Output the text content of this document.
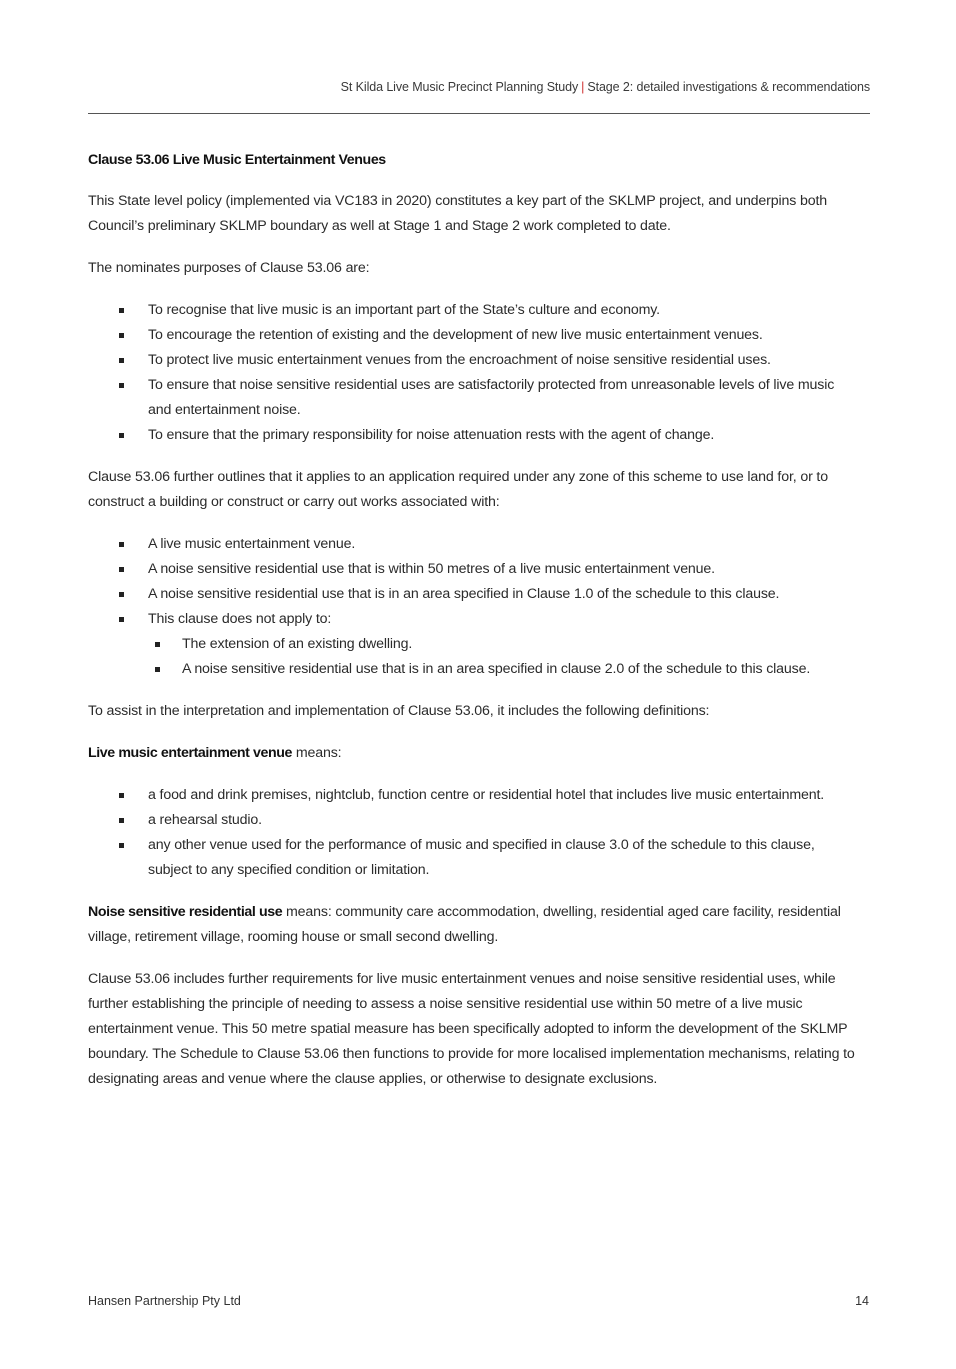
St Kilda Live Music Precinct Planning Study | Stage 2: detailed investigations & recommendations
Clause 53.06 Live Music Entertainment Venues

This State level policy (implemented via VC183 in 2020) constitutes a key part of the SKLMP project, and underpins both Council’s preliminary SKLMP boundary as well at Stage 1 and Stage 2 work completed to date.

The nominates purposes of Clause 53.06 are:

To recognise that live music is an important part of the State’s culture and economy.
To encourage the retention of existing and the development of new live music entertainment venues.
To protect live music entertainment venues from the encroachment of noise sensitive residential uses.
To ensure that noise sensitive residential uses are satisfactorily protected from unreasonable levels of live music and entertainment noise.
To ensure that the primary responsibility for noise attenuation rests with the agent of change.

Clause 53.06 further outlines that it applies to an application required under any zone of this scheme to use land for, or to construct a building or construct or carry out works associated with:

A live music entertainment venue.
A noise sensitive residential use that is within 50 metres of a live music entertainment venue.
A noise sensitive residential use that is in an area specified in Clause 1.0 of the schedule to this clause.
This clause does not apply to:
The extension of an existing dwelling.
A noise sensitive residential use that is in an area specified in clause 2.0 of the schedule to this clause.

To assist in the interpretation and implementation of Clause 53.06, it includes the following definitions:

Live music entertainment venue means:

a food and drink premises, nightclub, function centre or residential hotel that includes live music entertainment.
a rehearsal studio.
any other venue used for the performance of music and specified in clause 3.0 of the schedule to this clause, subject to any specified condition or limitation.

Noise sensitive residential use means: community care accommodation, dwelling, residential aged care facility, residential village, retirement village, rooming house or small second dwelling.

Clause 53.06 includes further requirements for live music entertainment venues and noise sensitive residential uses, while further establishing the principle of needing to assess a noise sensitive residential use within 50 metre of a live music entertainment venue. This 50 metre spatial measure has been specifically adopted to inform the development of the SKLMP boundary. The Schedule to Clause 53.06 then functions to provide for more localised implementation mechanisms, relating to designating areas and venue where the clause applies, or otherwise to designate exclusions.

Hansen Partnership Pty Ltd	14
